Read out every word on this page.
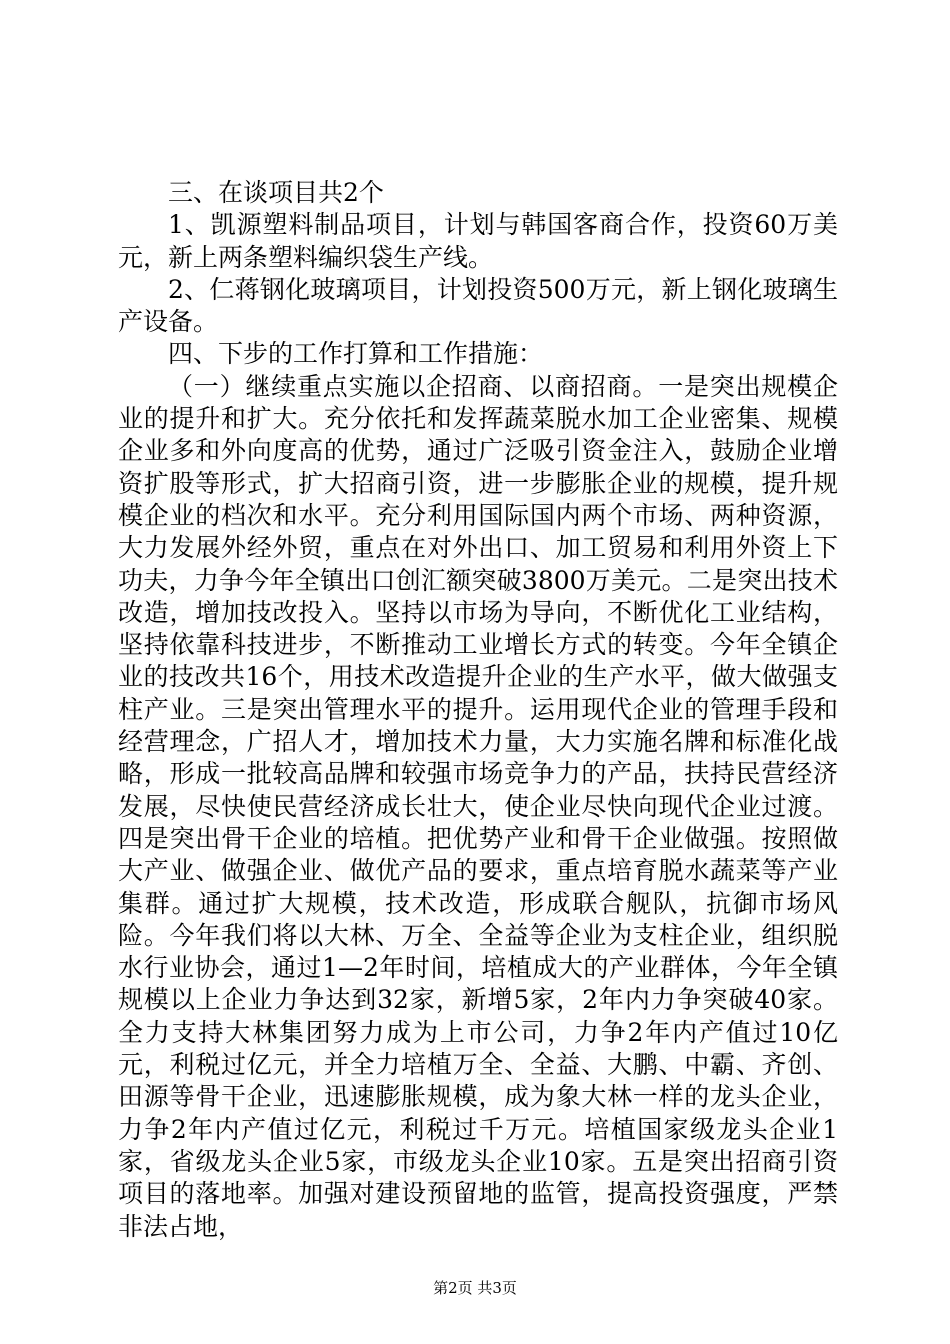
三、在谈项目共2个

1、凯源塑料制品项目，计划与韩国客商合作，投资60万美元，新上两条塑料编织袋生产线。

2、仁蒋钢化玻璃项目，计划投资500万元，新上钢化玻璃生产设备。

四、下步的工作打算和工作措施：

（一）继续重点实施以企招商、以商招商。一是突出规模企业的提升和扩大。充分依托和发挥蔬菜脱水加工企业密集、规模企业多和外向度高的优势，通过广泛吸引资金注入，鼓励企业增资扩股等形式，扩大招商引资，进一步膨胀企业的规模，提升规模企业的档次和水平。充分利用国际国内两个市场、两种资源，大力发展外经外贸，重点在对外出口、加工贸易和利用外资上下功夫，力争今年全镇出口创汇额突破3800万美元。二是突出技术改造，增加技改投入。坚持以市场为导向，不断优化工业结构，坚持依靠科技进步，不断推动工业增长方式的转变。今年全镇企业的技改共16个，用技术改造提升企业的生产水平，做大做强支柱产业。三是突出管理水平的提升。运用现代企业的管理手段和经营理念，广招人才，增加技术力量，大力实施名牌和标准化战略，形成一批较高品牌和较强市场竞争力的产品，扶持民营经济发展，尽快使民营经济成长壮大，使企业尽快向现代企业过渡。四是突出骨干企业的培植。把优势产业和骨干企业做强。按照做大产业、做强企业、做优产品的要求，重点培育脱水蔬菜等产业集群。通过扩大规模，技术改造，形成联合舰队，抗御市场风险。今年我们将以大林、万全、全益等企业为支柱企业，组织脱水行业协会，通过1—2年时间，培植成大的产业群体，今年全镇规模以上企业力争达到32家，新增5家，2年内力争突破40家。全力支持大林集团努力成为上市公司，力争2年内产值过10亿元，利税过亿元，并全力培植万全、全益、大鹏、中霸、齐创、田源等骨干企业，迅速膨胀规模，成为象大林一样的龙头企业，力争2年内产值过亿元，利税过千万元。培植国家级龙头企业1家，省级龙头企业5家，市级龙头企业10家。五是突出招商引资项目的落地率。加强对建设预留地的监管，提高投资强度，严禁非法占地，

第2页 共3页
